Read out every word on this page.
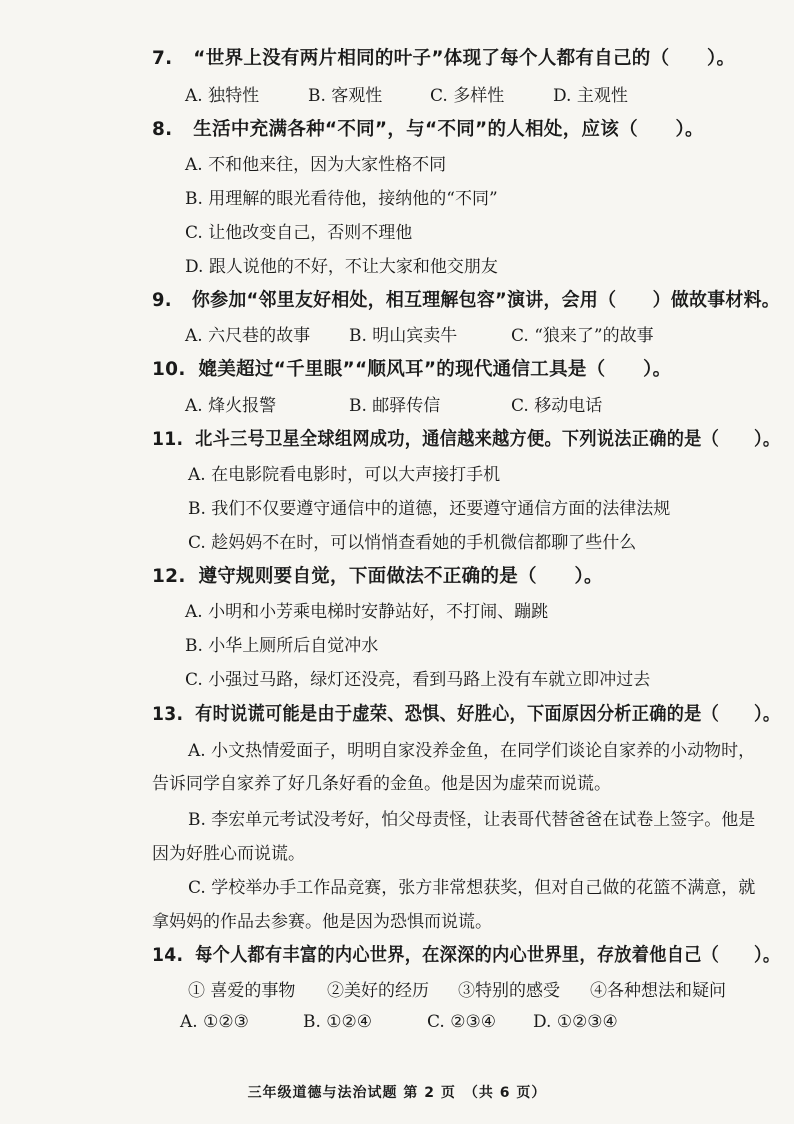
7. “世界上没有两片相同的叶子”体现了每个人都有自己的（　　）。
A. 独特性	B. 客观性	C. 多样性	D. 主观性
8. 生活中充满各种“不同”，与“不同”的人相处，应该（　　）。
A. 不和他来往，因为大家性格不同
B. 用理解的眼光看待他，接纳他的“不同”
C. 让他改变自己，否则不理他
D. 跟人说他的不好，不让大家和他交朋友
9. 你参加“邻里友好相处，相互理解包容”演讲，会用（　　）做故事材料。
A. 六尺巷的故事 B. 明山宾卖牛	C. “狼来了”的故事
10. 媲美超过“千里眼”“顺风耳”的现代通信工具是（　　）。
A. 烽火报警	B. 邮驿传信	C. 移动电话
11. 北斗三号卫星全球组网成功，通信越来越方便。下列说法正确的是（　　）。
A. 在电影院看电影时，可以大声接打手机
B. 我们不仅要遵守通信中的道德，还要遵守通信方面的法律法规
C. 趁妈妈不在时，可以悄悄查看她的手机微信都聊了些什么
12. 遵守规则要自觉，下面做法不正确的是（　　）。
A. 小明和小芳乘电梯时安静站好，不打闹、蹦跳
B. 小华上厕所后自觉冲水
C. 小强过马路，绿灯还没亮，看到马路上没有车就立即冲过去
13. 有时说谎可能是由于虚荣、恐惧、好胜心，下面原因分析正确的是（　　）。
A. 小文热情爱面子，明明自家没养金鱼，在同学们谈论自家养的小动物时，
告诉同学自家养了好几条好看的金鱼。他是因为虚荣而说谎。
B. 李宏单元考试没考好，怕父母责怪，让表哥代替爸爸在试卷上签字。他是
因为好胜心而说谎。
C. 学校举办手工作品竞赛，张方非常想获奖，但对自己做的花篮不满意，就
拿妈妈的作品去参赛。他是因为恐惧而说谎。
14. 每个人都有丰富的内心世界，在深深的内心世界里，存放着他自己（　　）。
① 喜爱的事物 ②美好的经历 ③特别的感受 ④各种想法和疑问
A. ①②③	B. ①②④	C. ②③④ D. ①②③④
三年级道德与法治试题 第 2 页　（共 6 页）
